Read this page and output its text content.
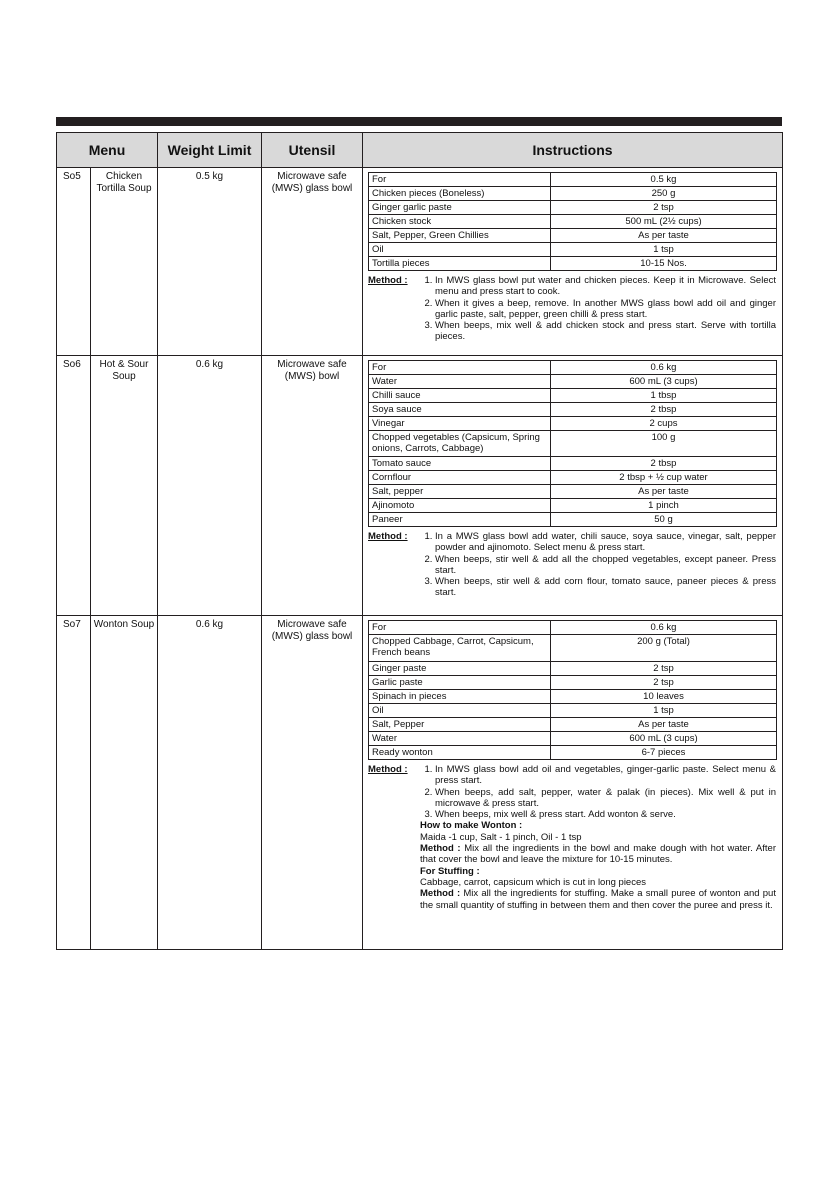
Menu	Weight Limit	Utensil	Instructions
So5	Chicken Tortilla Soup	0.5 kg	Microwave safe (MWS) glass bowl	
For	0.5 kg
Chicken pieces (Boneless)	250 g
Ginger garlic paste	2 tsp
Chicken stock	500 mL (2½ cups)
Salt, Pepper, Green Chillies	As per taste
Oil	1 tsp
Tortilla pieces	10-15 Nos.
Method :	1. In MWS glass bowl put water and chicken pieces. Keep it in Microwave. Select menu and press start to cook.
2. When it gives a beep, remove. In another MWS glass bowl add oil and ginger garlic paste, salt, pepper, green chilli & press start.
3. When beeps, mix well & add chicken stock and press start. Serve with tortilla pieces.

So6	Hot & Sour Soup	0.6 kg	Microwave safe (MWS) bowl	
For	0.6 kg
Water	600 mL (3 cups)
Chilli sauce	1 tbsp
Soya sauce	2 tbsp
Vinegar	2 cups
Chopped vegetables (Capsicum, Spring onions, Carrots, Cabbage)	100 g
Tomato sauce	2 tbsp
Cornflour	2 tbsp + ½ cup water
Salt, pepper	As per taste
Ajinomoto	1 pinch
Paneer	50 g
Method :	1. In a MWS glass bowl add water, chili sauce, soya sauce, vinegar, salt, pepper powder and ajinomoto. Select menu & press start.
2. When beeps, stir well & add all the chopped vegetables, except paneer. Press start.
3. When beeps, stir well & add corn flour, tomato sauce, paneer pieces & press start.

So7	Wonton Soup	0.6 kg	Microwave safe (MWS) glass bowl	
For	0.6 kg
Chopped Cabbage, Carrot, Capsicum, French beans	200 g (Total)
Ginger paste	2 tsp
Garlic paste	2 tsp
Spinach in pieces	10 leaves
Oil	1 tsp
Salt, Pepper	As per taste
Water	600 mL (3 cups)
Ready wonton	6-7 pieces
Method :	1. In MWS glass bowl add oil and vegetables, ginger-garlic paste. Select menu & press start.
2. When beeps, add salt, pepper, water & palak (in pieces). Mix well & put in microwave & press start.
3. When beeps, mix well & press start. Add wonton & serve.

How to make Wonton :

Maida -1 cup, Salt - 1 pinch, Oil - 1 tsp

Method : Mix all the ingredients in the bowl and make dough with hot water. After that cover the bowl and leave the mixture for 10-15 minutes.

For Stuffing :

Cabbage, carrot, capsicum which is cut in long pieces

Method : Mix all the ingredients for stuffing. Make a small puree of wonton and put the small quantity of stuffing in between them and then cover the puree and press it.
